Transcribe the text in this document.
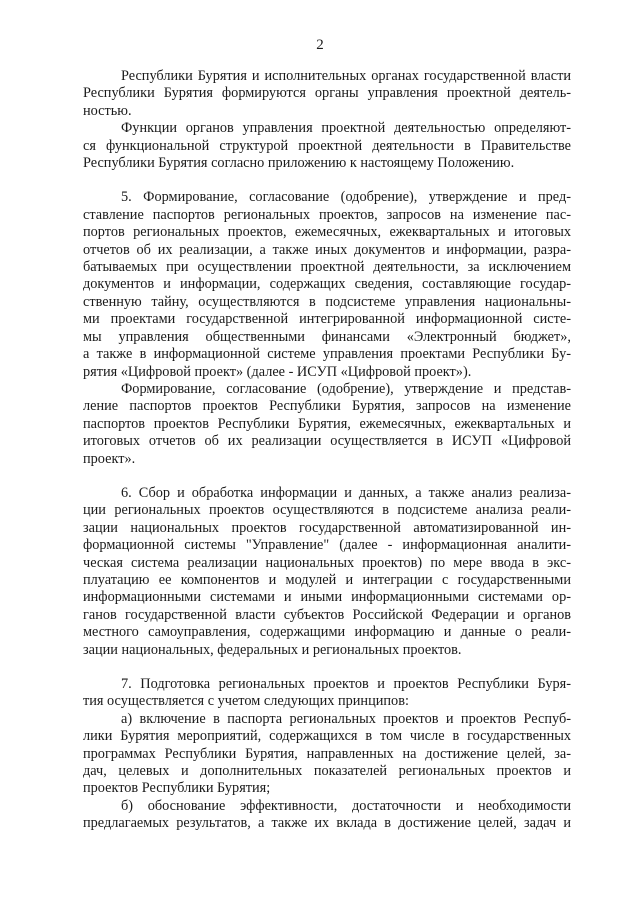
2

Республики Бурятия и исполнительных органах государственной власти
Республики Бурятия формируются органы управления проектной деятель-
ностью.

Функции органов управления проектной деятельностью определяют-
ся функциональной структурой проектной деятельности в Правительстве
Республики Бурятия согласно приложению к настоящему Положению.

5. Формирование, согласование (одобрение), утверждение и пред-
ставление паспортов региональных проектов, запросов на изменение пас-
портов региональных проектов, ежемесячных, ежеквартальных и итоговых
отчетов об их реализации, а также иных документов и информации, разра-
батываемых при осуществлении проектной деятельности, за исключением
документов и информации, содержащих сведения, составляющие государ-
ственную тайну, осуществляются в подсистеме управления национальны-
ми проектами государственной интегрированной информационной систе-
мы управления общественными финансами «Электронный бюджет»,
а также в информационной системе управления проектами Республики Бу-
рятия «Цифровой проект» (далее - ИСУП «Цифровой проект»).

Формирование, согласование (одобрение), утверждение и представ-
ление паспортов проектов Республики Бурятия, запросов на изменение
паспортов проектов Республики Бурятия, ежемесячных, ежеквартальных и
итоговых отчетов об их реализации осуществляется в ИСУП «Цифровой
проект».

6. Сбор и обработка информации и данных, а также анализ реализа-
ции региональных проектов осуществляются в подсистеме анализа реали-
зации национальных проектов государственной автоматизированной ин-
формационной системы "Управление" (далее - информационная аналити-
ческая система реализации национальных проектов) по мере ввода в экс-
плуатацию ее компонентов и модулей и интеграции с государственными
информационными системами и иными информационными системами ор-
ганов государственной власти субъектов Российской Федерации и органов
местного самоуправления, содержащими информацию и данные о реали-
зации национальных, федеральных и региональных проектов.

7. Подготовка региональных проектов и проектов Республики Буря-
тия осуществляется с учетом следующих принципов:

а) включение в паспорта региональных проектов и проектов Респуб-
лики Бурятия мероприятий, содержащихся в том числе в государственных
программах Республики Бурятия, направленных на достижение целей, за-
дач, целевых и дополнительных показателей региональных проектов и
проектов Республики Бурятия;

б) обоснование эффективности, достаточности и необходимости
предлагаемых результатов, а также их вклада в достижение целей, задач и
